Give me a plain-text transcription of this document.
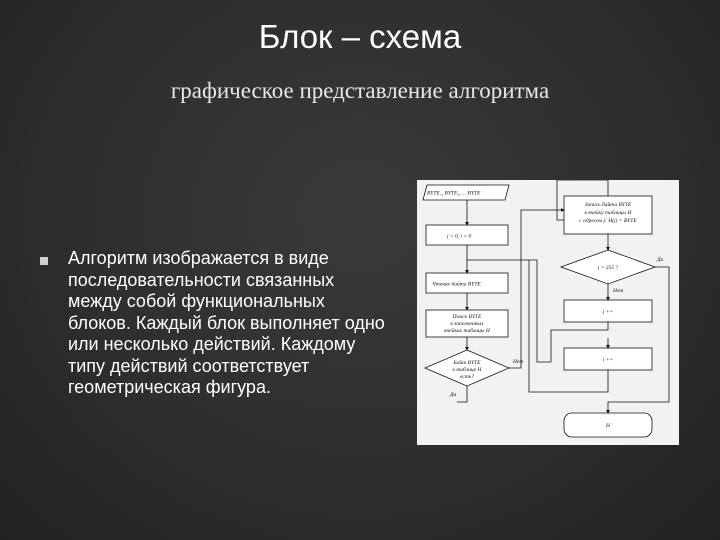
Блок – схема
графическое представление алгоритма
Алгоритм изображается в виде последовательности связанных между собой функциональных блоков. Каждый блок выполняет одно или несколько действий. Каждому типу действий соответствует геометрическая фигура.
BYTE₁, BYTE₂, ... BYTE
j = 0, i = 0
Чтение байта BYTE
Поиск BYTE
в заполненных
ячейках таблицы H
Байт BYTE
в таблице H
есть?
Нет
Да
Запись байта BYTE
в ячейку таблицы H
с адресом j: H(j) = BYTE
j = 255 ?
Да
Нет
j ++
i ++
H
